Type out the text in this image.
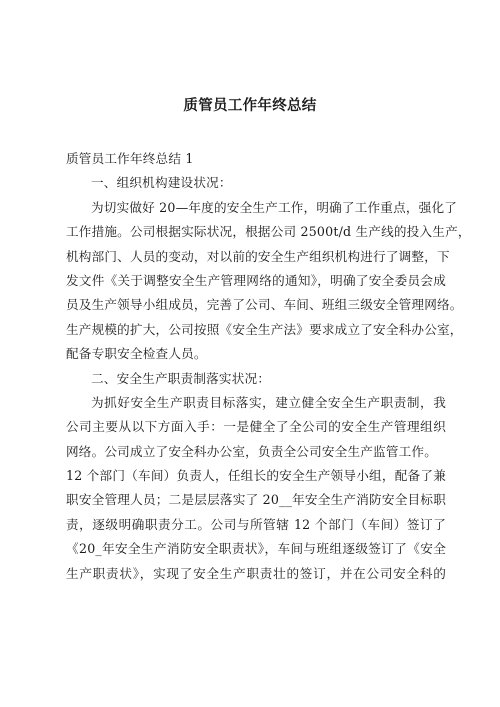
质管员工作年终总结
质管员工作年终总结 1
一、组织机构建设状况：
为切实做好 20—年度的安全生产工作，明确了工作重点，强化了
工作措施。公司根据实际状况，根据公司 2500t/d 生产线的投入生产，
机构部门、人员的变动，对以前的安全生产组织机构进行了调整，下
发文件《关于调整安全生产管理网络的通知》，明确了安全委员会成
员及生产领导小组成员，完善了公司、车间、班组三级安全管理网络。
生产规模的扩大，公司按照《安全生产法》要求成立了安全科办公室，
配备专职安全检查人员。
二、安全生产职责制落实状况：
为抓好安全生产职责目标落实，建立健全安全生产职责制，我
公司主要从以下方面入手：一是健全了全公司的安全生产管理组织
网络。公司成立了安全科办公室，负责全公司安全生产监管工作。
12 个部门（车间）负责人，任组长的安全生产领导小组，配备了兼
职安全管理人员；二是层层落实了 20__年安全生产消防安全目标职
责，逐级明确职责分工。公司与所管辖 12 个部门（车间）签订了
《20_年安全生产消防安全职责状》，车间与班组逐级签订了《安全
生产职责状》，实现了安全生产职责壮的签订，并在公司安全科的
